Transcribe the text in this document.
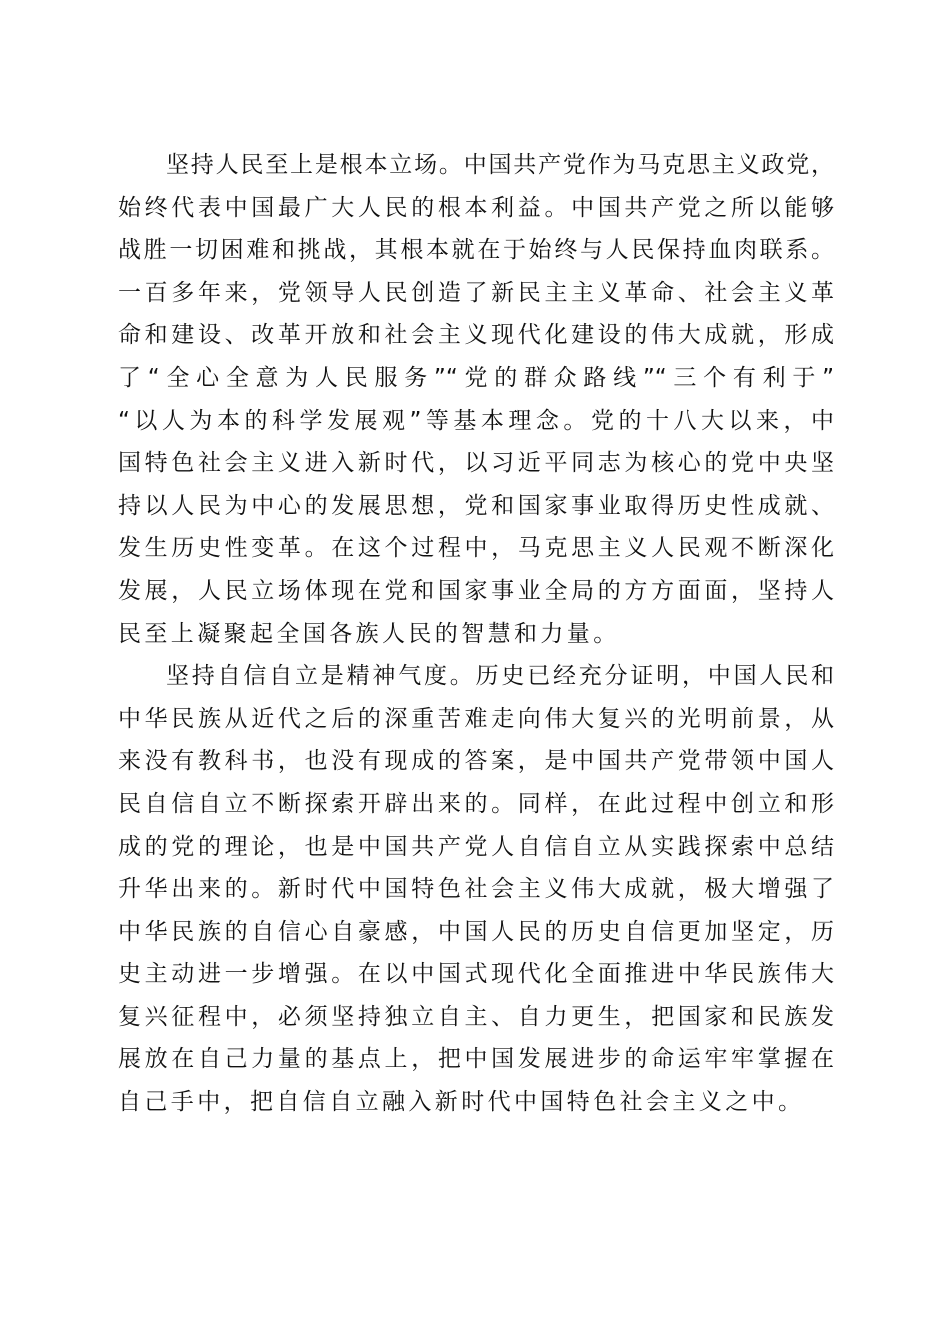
坚持人民至上是根本立场。中国共产党作为马克思主义政党，
始终代表中国最广大人民的根本利益。中国共产党之所以能够
战胜一切困难和挑战，其根本就在于始终与人民保持血肉联系。
一百多年来，党领导人民创造了新民主主义革命、社会主义革
命和建设、改革开放和社会主义现代化建设的伟大成就，形成
了“全心全意为人民服务”“党的群众路线”“三个有利于”
“以人为本的科学发展观”等基本理念。党的十八大以来，中
国特色社会主义进入新时代，以习近平同志为核心的党中央坚
持以人民为中心的发展思想，党和国家事业取得历史性成就、
发生历史性变革。在这个过程中，马克思主义人民观不断深化
发展，人民立场体现在党和国家事业全局的方方面面，坚持人
民至上凝聚起全国各族人民的智慧和力量。
坚持自信自立是精神气度。历史已经充分证明，中国人民和
中华民族从近代之后的深重苦难走向伟大复兴的光明前景，从
来没有教科书，也没有现成的答案，是中国共产党带领中国人
民自信自立不断探索开辟出来的。同样，在此过程中创立和形
成的党的理论，也是中国共产党人自信自立从实践探索中总结
升华出来的。新时代中国特色社会主义伟大成就，极大增强了
中华民族的自信心自豪感，中国人民的历史自信更加坚定，历
史主动进一步增强。在以中国式现代化全面推进中华民族伟大
复兴征程中，必须坚持独立自主、自力更生，把国家和民族发
展放在自己力量的基点上，把中国发展进步的命运牢牢掌握在
自己手中，把自信自立融入新时代中国特色社会主义之中。
